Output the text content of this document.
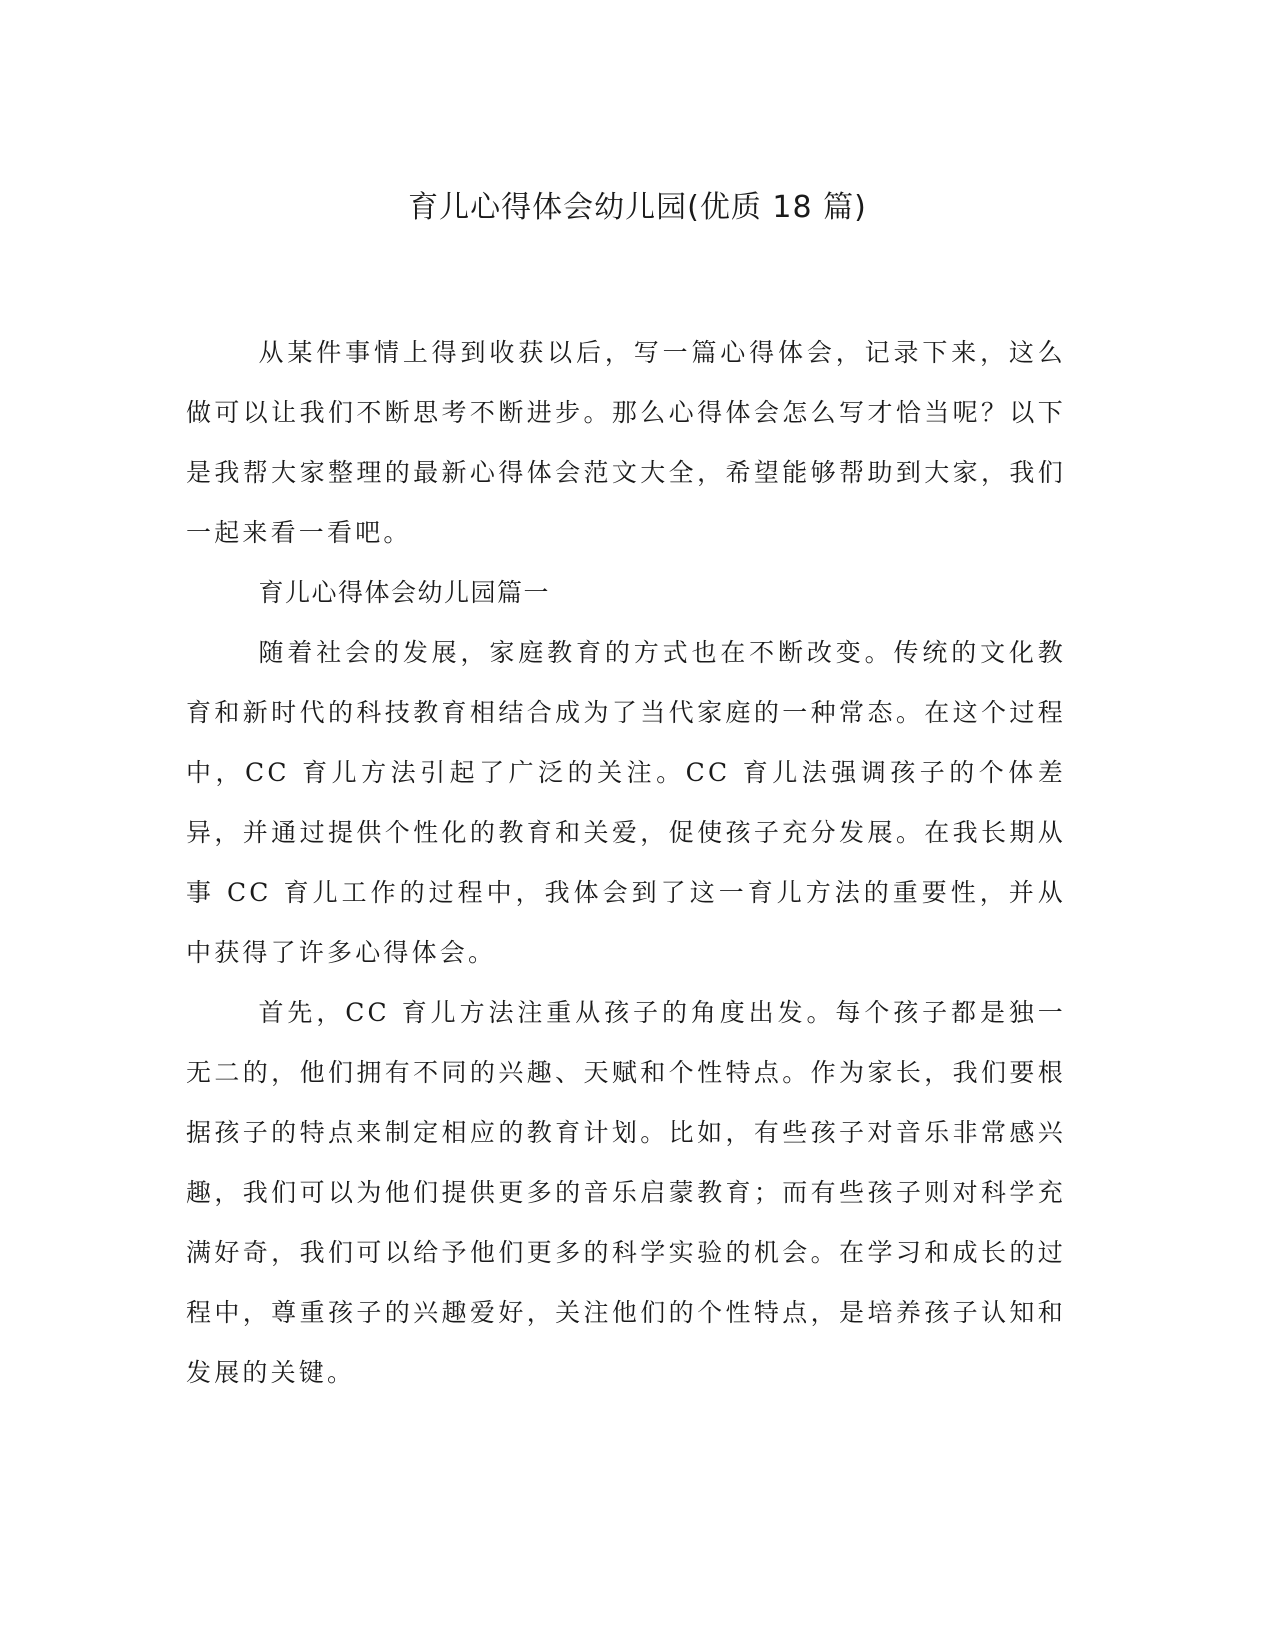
育儿心得体会幼儿园(优质 18 篇)

从某件事情上得到收获以后，写一篇心得体会，记录下来，这么做可以让我们不断思考不断进步。那么心得体会怎么写才恰当呢？以下是我帮大家整理的最新心得体会范文大全，希望能够帮助到大家，我们一起来看一看吧。

育儿心得体会幼儿园篇一

随着社会的发展，家庭教育的方式也在不断改变。传统的文化教育和新时代的科技教育相结合成为了当代家庭的一种常态。在这个过程中，CC 育儿方法引起了广泛的关注。CC 育儿法强调孩子的个体差异，并通过提供个性化的教育和关爱，促使孩子充分发展。在我长期从事 CC 育儿工作的过程中，我体会到了这一育儿方法的重要性，并从中获得了许多心得体会。

首先，CC 育儿方法注重从孩子的角度出发。每个孩子都是独一无二的，他们拥有不同的兴趣、天赋和个性特点。作为家长，我们要根据孩子的特点来制定相应的教育计划。比如，有些孩子对音乐非常感兴趣，我们可以为他们提供更多的音乐启蒙教育；而有些孩子则对科学充满好奇，我们可以给予他们更多的科学实验的机会。在学习和成长的过程中，尊重孩子的兴趣爱好，关注他们的个性特点，是培养孩子认知和发展的关键。
